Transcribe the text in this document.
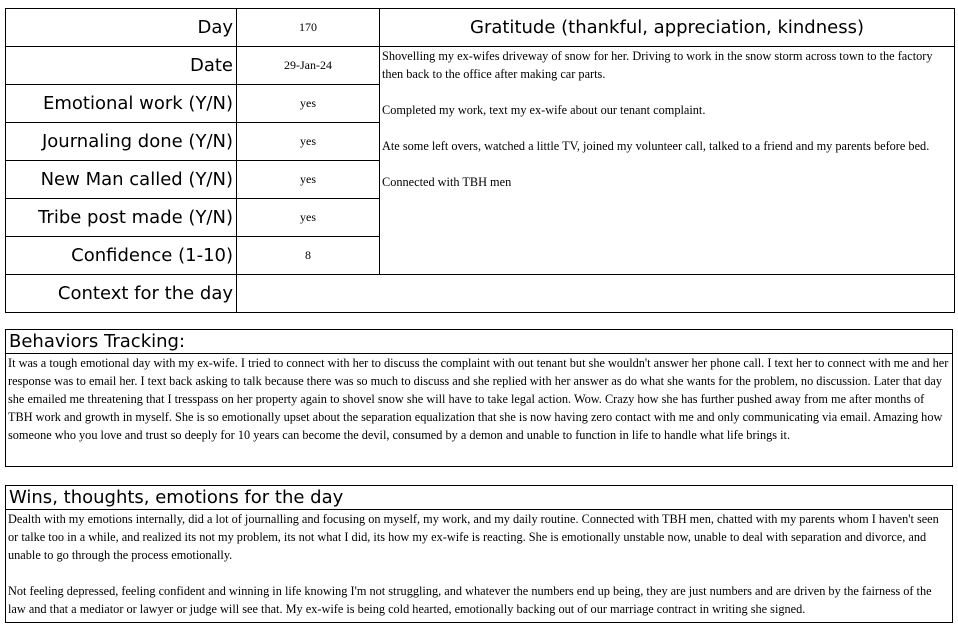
Day	170	Gratitude (thankful, appreciation, kindness)
Date	29-Jan-24	Shovelling my ex-wifes driveway of snow for her. Driving to work in the snow storm across town to the factory then back to the office after making car parts.

Completed my work, text my ex-wife about our tenant complaint.

Ate some left overs, watched a little TV, joined my volunteer call, talked to a friend and my parents before bed.

Connected with TBH men

Emotional work (Y/N)	yes	
Journaling done (Y/N)	yes	
New Man called (Y/N)	yes	
Tribe post made (Y/N)	yes	
Confidence (1-10)	8	
Context for the day		
Behaviors Tracking:
It was a tough emotional day with my ex-wife. I tried to connect with her to discuss the complaint with out tenant but she wouldn't answer her phone call. I text her to connect with me and her response was to email her. I text back asking to talk because there was so much to discuss and she replied with her answer as do what she wants for the problem, no discussion. Later that day she emailed me threatening that I tresspass on her property again to shovel snow she will have to take legal action. Wow. Crazy how she has further pushed away from me after months of TBH work and growth in myself. She is so emotionally upset about the separation equalization that she is now having zero contact with me and only communicating via email. Amazing how someone who you love and trust so deeply for 10 years can become the devil, consumed by a demon and unable to function in life to handle what life brings it.
Wins, thoughts, emotions for the day

Dealth with my emotions internally, did a lot of journalling and focusing on myself, my work, and my daily routine. Connected with TBH men, chatted with my parents whom I haven't seen or talke too in a while, and realized its not my problem, its not what I did, its how my ex-wife is reacting. She is emotionally unstable now, unable to deal with separation and divorce, and unable to go through the process emotionally.

Not feeling depressed, feeling confident and winning in life knowing I'm not struggling, and whatever the numbers end up being, they are just numbers and are driven by the fairness of the law and that a mediator or lawyer or judge will see that. My ex-wife is being cold hearted, emotionally backing out of our marriage contract in writing she signed.
